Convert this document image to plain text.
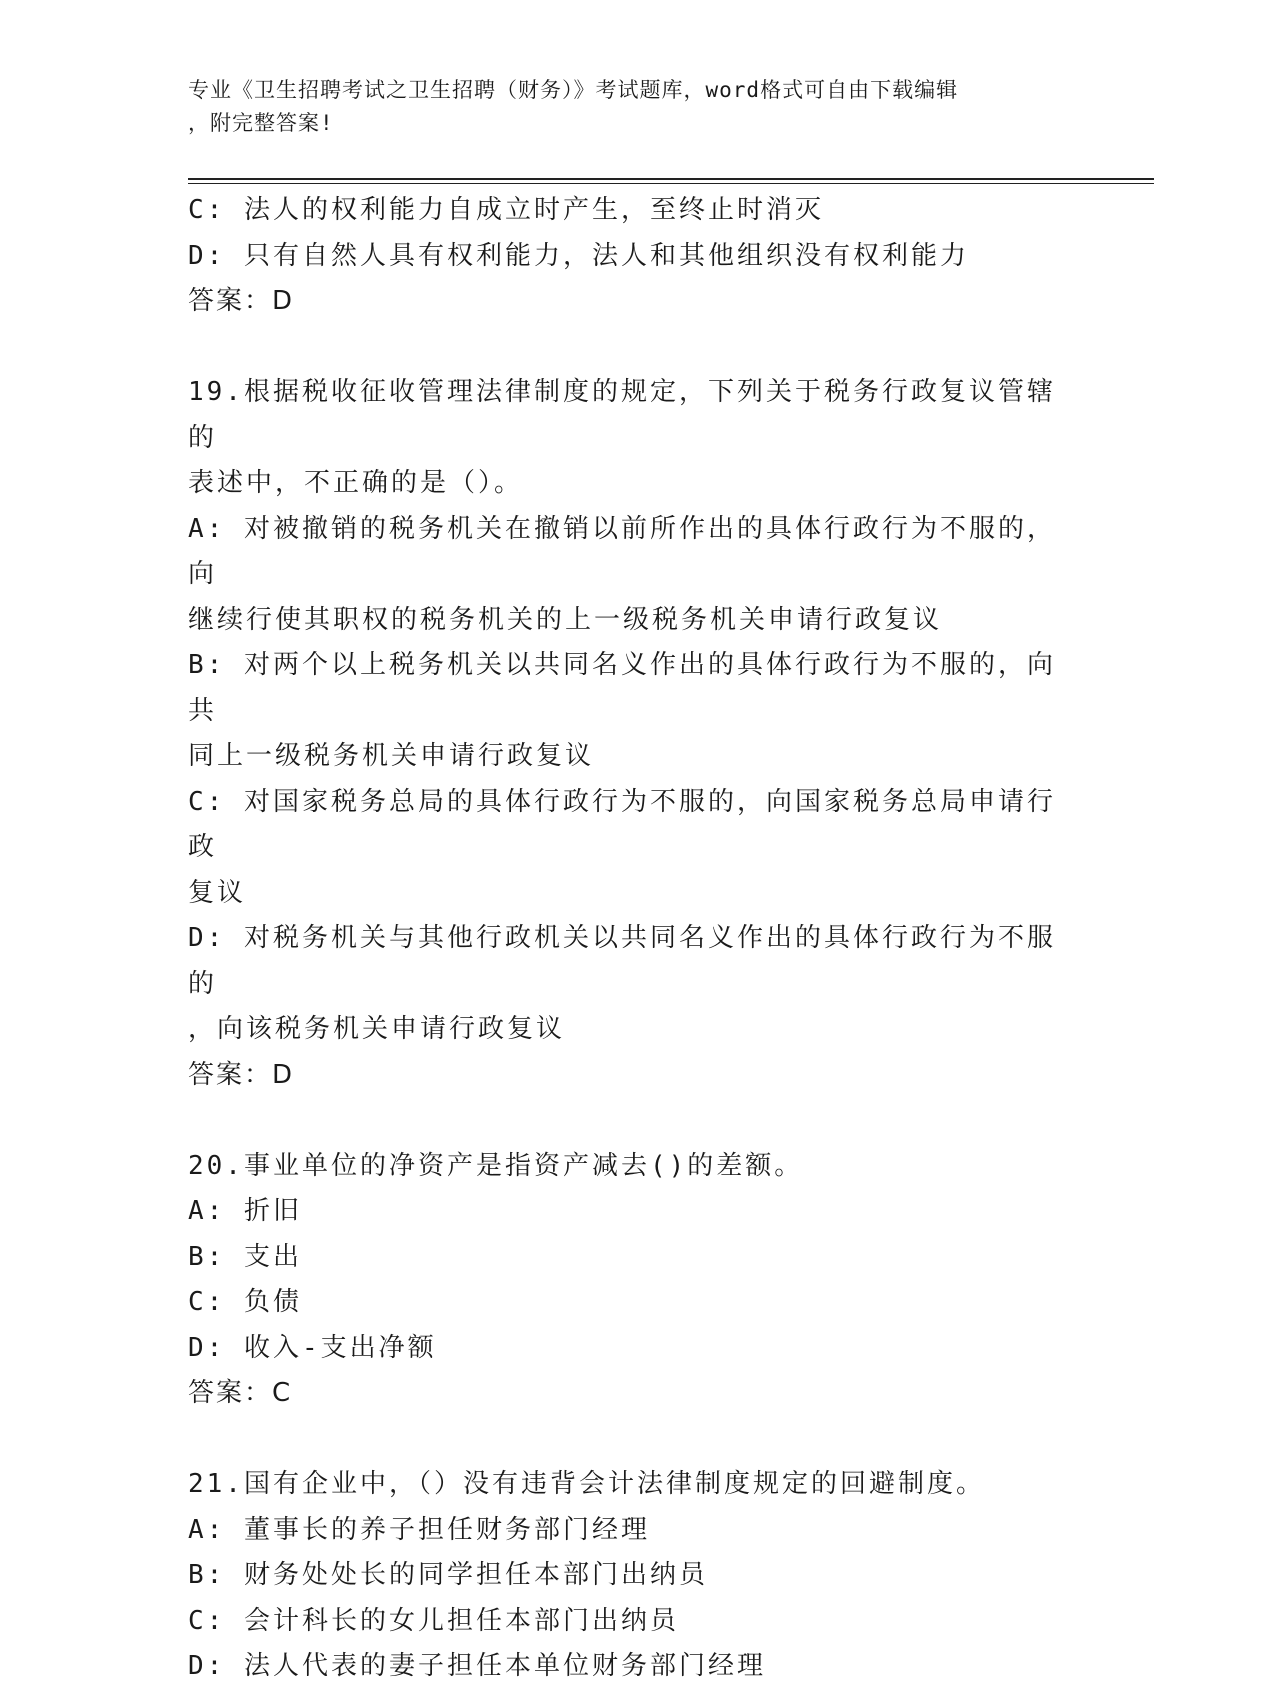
专业《卫生招聘考试之卫生招聘（财务）》考试题库，word格式可自由下载编辑
，附完整答案!
C: 法人的权利能力自成立时产生，至终止时消灭
D: 只有自然人具有权利能力，法人和其他组织没有权利能力
答案：D
19.根据税收征收管理法律制度的规定，下列关于税务行政复议管辖的
表述中，不正确的是（）。
A: 对被撤销的税务机关在撤销以前所作出的具体行政行为不服的，向
继续行使其职权的税务机关的上一级税务机关申请行政复议
B: 对两个以上税务机关以共同名义作出的具体行政行为不服的，向共
同上一级税务机关申请行政复议
C: 对国家税务总局的具体行政行为不服的，向国家税务总局申请行政
复议
D: 对税务机关与其他行政机关以共同名义作出的具体行政行为不服的
，向该税务机关申请行政复议
答案：D
20.事业单位的净资产是指资产减去()的差额。
A: 折旧
B: 支出
C: 负债
D: 收入-支出净额
答案：C
21.国有企业中，（）没有违背会计法律制度规定的回避制度。
A: 董事长的养子担任财务部门经理
B: 财务处处长的同学担任本部门出纳员
C: 会计科长的女儿担任本部门出纳员
D: 法人代表的妻子担任本单位财务部门经理
